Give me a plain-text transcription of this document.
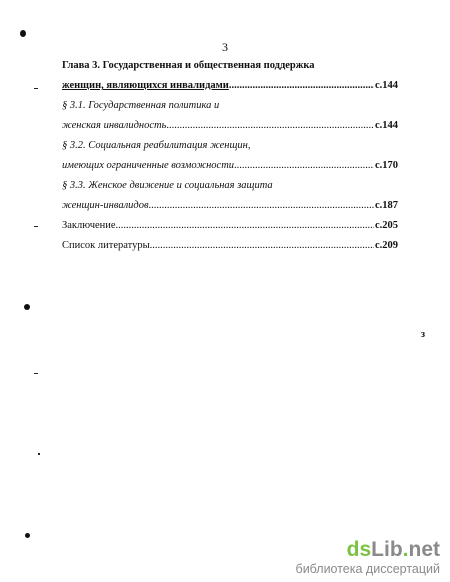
3
Глава 3. Государственная и общественная поддержка
женщин, являющихся инвалидами .....	с.144
§ 3.1. Государственная политика и
женская инвалидность .....	с.144
§ 3.2. Социальная реабилитация женщин,
имеющих ограниченные возможности .....	с.170
§ 3.3. Женское движение и социальная защита
женщин-инвалидов .....	с.187
Заключение .....	с.205
Список литературы .....	с.209
з
dsLib.net
библиотека диссертаций
